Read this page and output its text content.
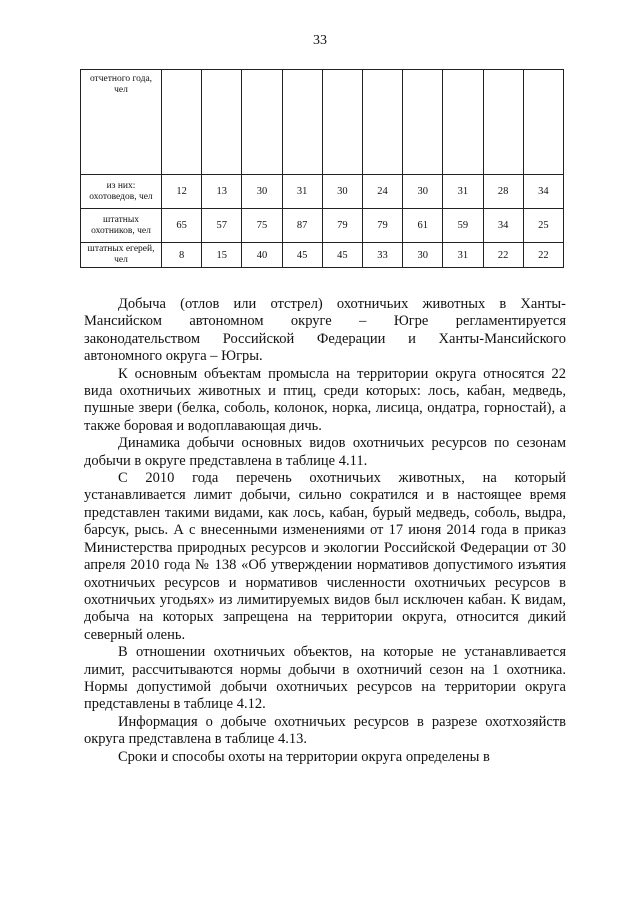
33
отчетного года, чел										
из них: охотоведов, чел	12	13	30	31	30	24	30	31	28	34
штатных охотников, чел	65	57	75	87	79	79	61	59	34	25
штатных егерей, чел	8	15	40	45	45	33	30	31	22	22

Добыча (отлов или отстрел) охотничьих животных в Ханты-Мансийском автономном округе – Югре регламентируется законодательством Российской Федерации и Ханты-Мансийского автономного округа – Югры.

К основным объектам промысла на территории округа относятся 22 вида охотничьих животных и птиц, среди которых: лось, кабан, медведь, пушные звери (белка, соболь, колонок, норка, лисица, ондатра, горностай), а также боровая и водоплавающая дичь.

Динамика добычи основных видов охотничьих ресурсов по сезонам добычи в округе представлена в таблице 4.11.

С 2010 года перечень охотничьих животных, на который устанавливается лимит добычи, сильно сократился и в настоящее время представлен такими видами, как лось, кабан, бурый медведь, соболь, выдра, барсук, рысь. А с внесенными изменениями от 17 июня 2014 года в приказ Министерства природных ресурсов и экологии Российской Федерации от 30 апреля 2010 года № 138 «Об утверждении нормативов допустимого изъятия охотничьих ресурсов и нормативов численности охотничьих ресурсов в охотничьих угодьях» из лимитируемых видов был исключен кабан. К видам, добыча на которых запрещена на территории округа, относится дикий северный олень.

В отношении охотничьих объектов, на которые не устанавливается лимит, рассчитываются нормы добычи в охотничий сезон на 1 охотника. Нормы допустимой добычи охотничьих ресурсов на территории округа представлены в таблице 4.12.

Информация о добыче охотничьих ресурсов в разрезе охотхозяйств округа представлена в таблице 4.13.

Сроки и способы охоты на территории округа определены в
